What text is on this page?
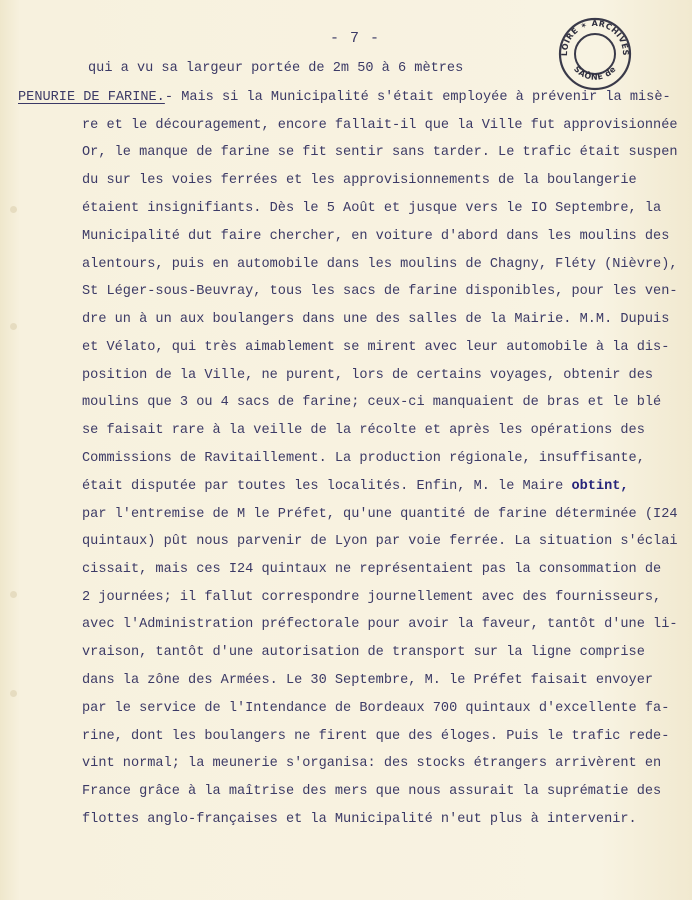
- 7 -
LOIRE ✶ ARCHIVES
SAÔNE de
qui a vu sa largeur portée de 2m 50 à 6 mètres
PENURIE DE FARINE.- Mais si la Municipalité s'était employée à prévenir la misè-
re et le découragement, encore fallait-il que la Ville fut approvisionnée
Or, le manque de farine se fit sentir sans tarder. Le trafic était suspen
du sur les voies ferrées et les approvisionnements de la boulangerie
étaient insignifiants. Dès le 5 Août et jusque vers le IO Septembre, la
Municipalité dut faire chercher, en voiture d'abord dans les moulins des
alentours, puis en automobile dans les moulins de Chagny, Fléty (Nièvre),
St Léger-sous-Beuvray, tous les sacs de farine disponibles, pour les ven-
dre un à un aux boulangers dans une des salles de la Mairie. M.M. Dupuis
et Vélato, qui très aimablement se mirent avec leur automobile à la dis-
position de la Ville, ne purent, lors de certains voyages, obtenir des
moulins que 3 ou 4 sacs de farine; ceux-ci manquaient de bras et le blé
se faisait rare à la veille de la récolte et après les opérations des
Commissions de Ravitaillement. La production régionale, insuffisante,
était disputée par toutes les localités. Enfin, M. le Maire obtint,
par l'entremise de M le Préfet, qu'une quantité de farine déterminée (I24
quintaux) pût nous parvenir de Lyon par voie ferrée. La situation s'éclai
cissait, mais ces I24 quintaux ne représentaient pas la consommation de
2 journées; il fallut correspondre journellement avec des fournisseurs,
avec l'Administration préfectorale pour avoir la faveur, tantôt d'une li-
vraison, tantôt d'une autorisation de transport sur la ligne comprise
dans la zône des Armées. Le 30 Septembre, M. le Préfet faisait envoyer
par le service de l'Intendance de Bordeaux 700 quintaux d'excellente fa-
rine, dont les boulangers ne firent que des éloges. Puis le trafic rede-
vint normal; la meunerie s'organisa: des stocks étrangers arrivèrent en
France grâce à la maîtrise des mers que nous assurait la suprématie des
flottes anglo-françaises et la Municipalité n'eut plus à intervenir.
